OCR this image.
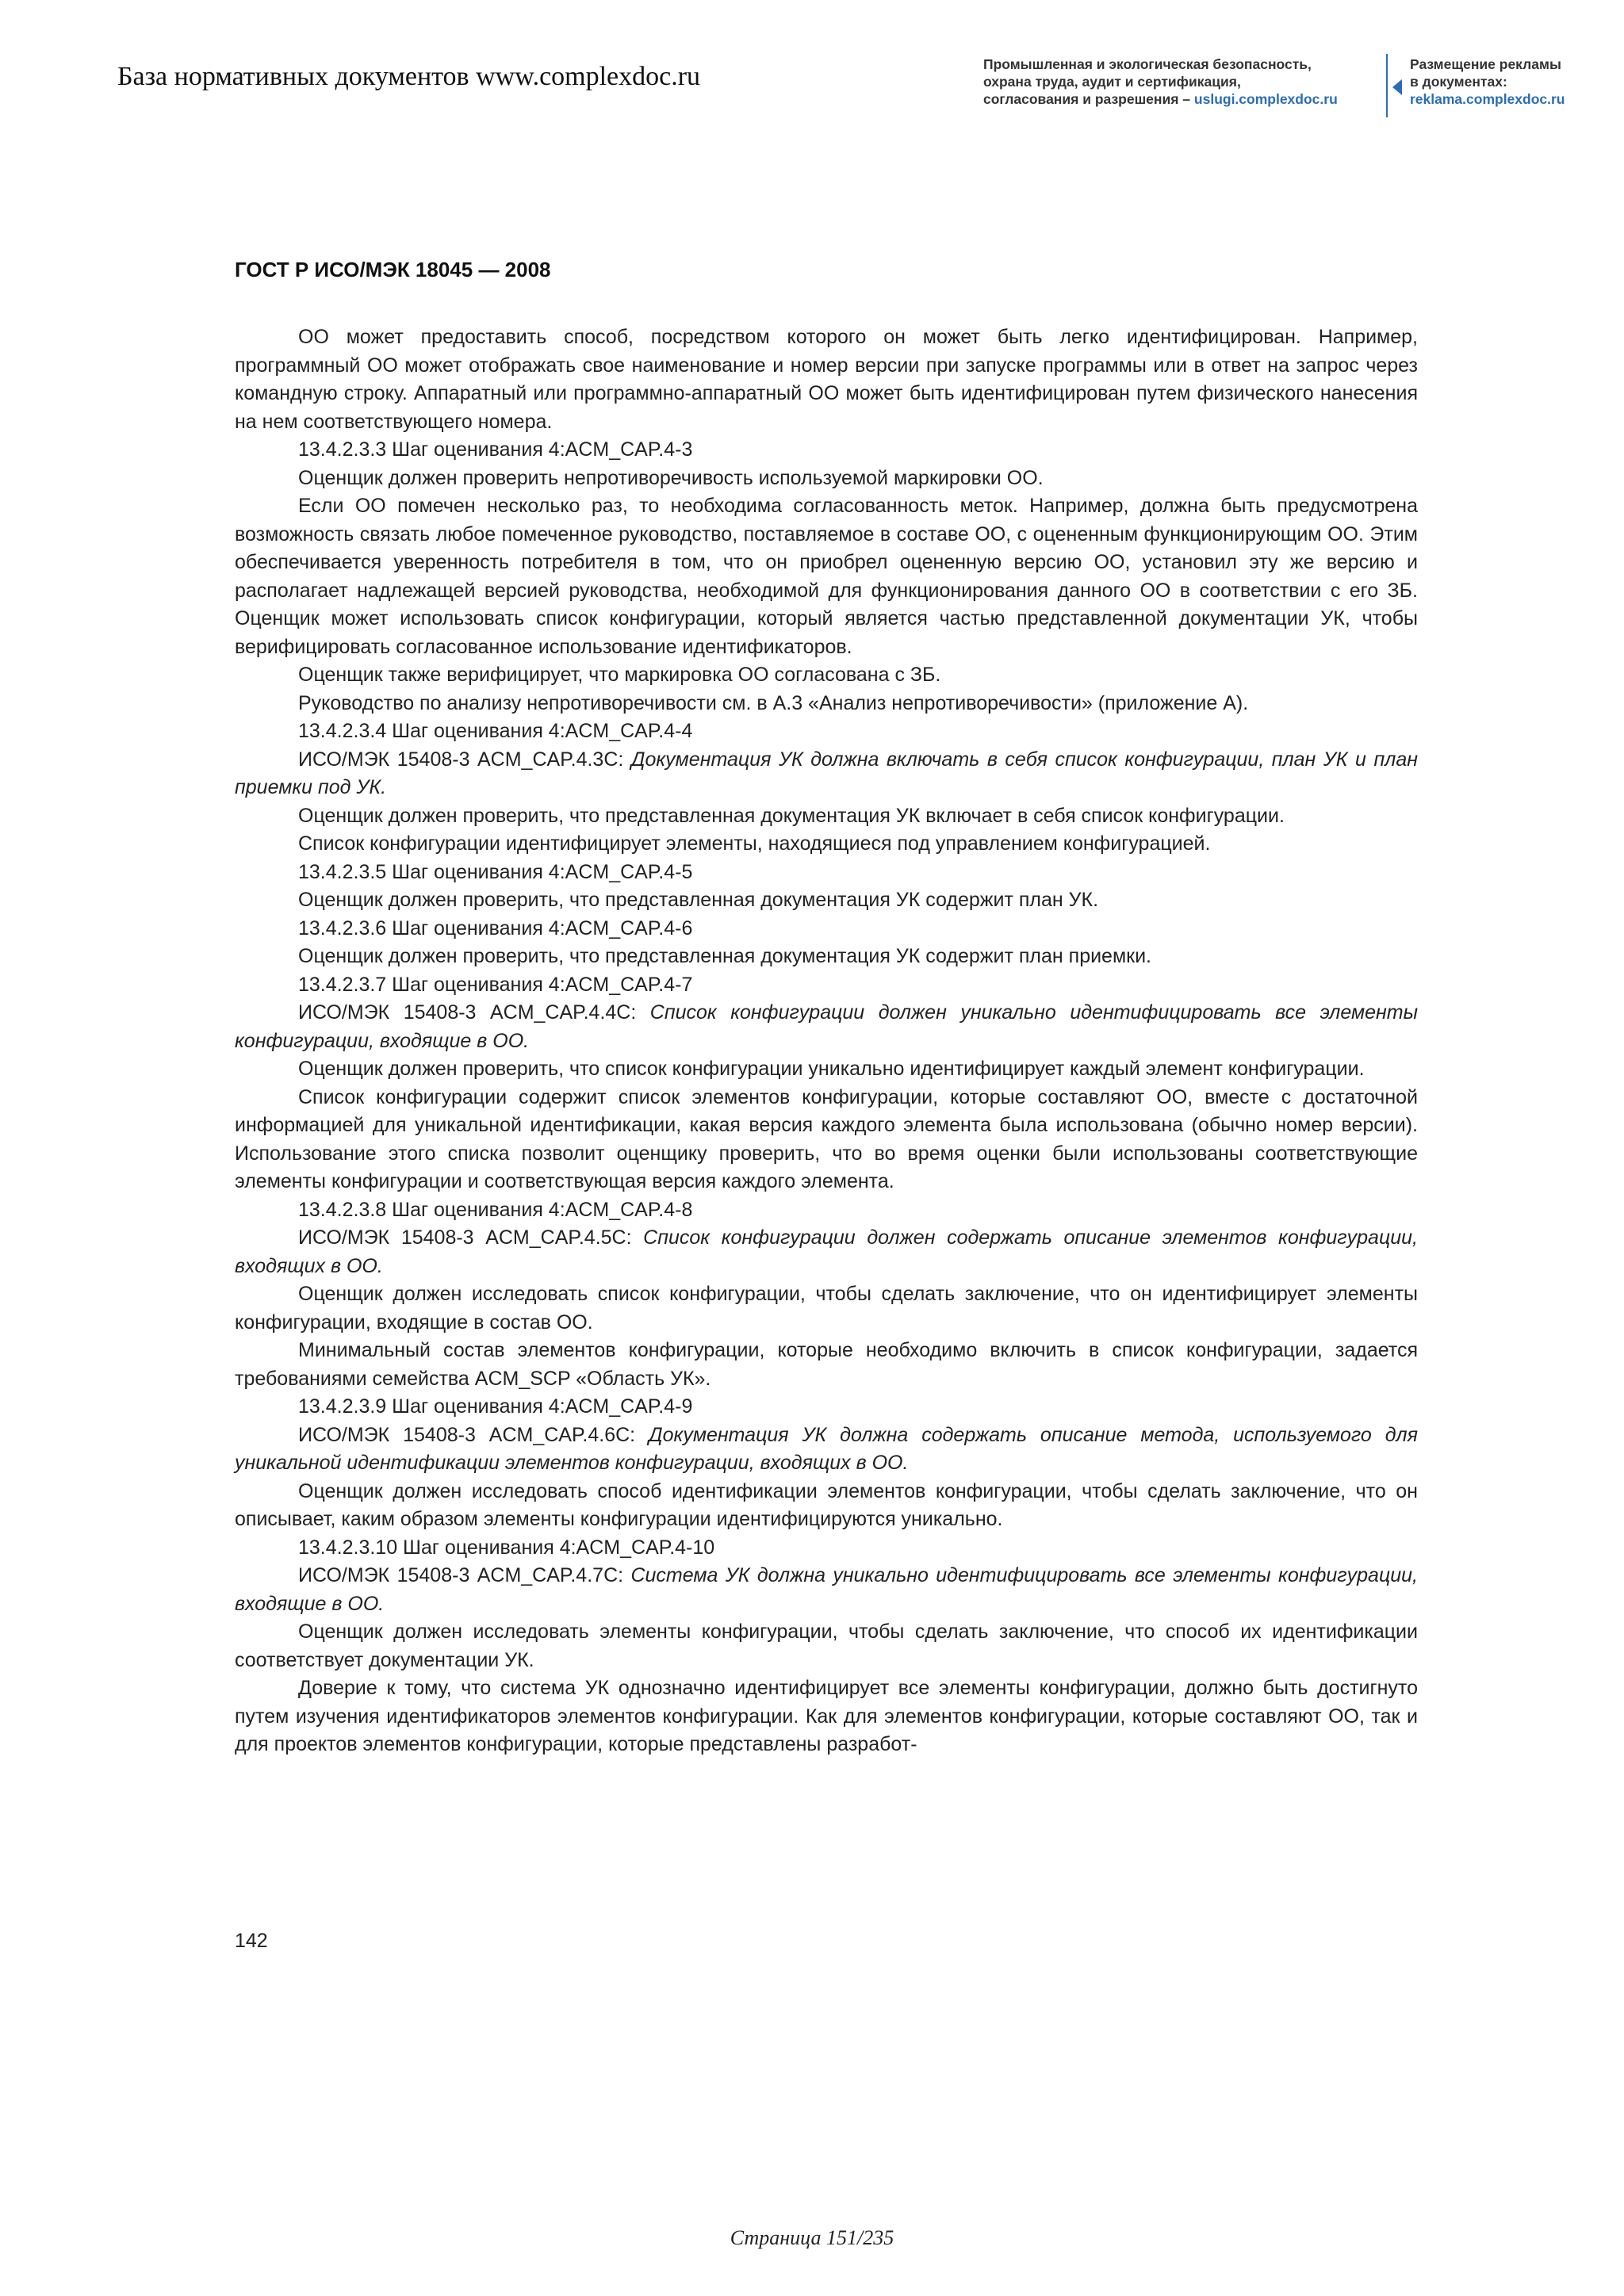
База нормативных документов www.complexdoc.ru	Промышленная и экологическая безопасность,
охрана труда, аудит и сертификация,
согласования и разрешения – uslugi.complexdoc.ru
Размещение рекламы
в документах:
reklama.complexdoc.ru
ГОСТ Р ИСО/МЭК 18045 — 2008

ОО может предоставить способ, посредством которого он может быть легко идентифицирован. Например, программный ОО может отображать свое наименование и номер версии при запуске программы или в ответ на запрос через командную строку. Аппаратный или программно-аппаратный ОО может быть идентифицирован путем физического нанесения на нем соответствующего номера.

13.4.2.3.3 Шаг оценивания 4:ACM_CAP.4-3

Оценщик должен проверить непротиворечивость используемой маркировки ОО.

Если ОО помечен несколько раз, то необходима согласованность меток. Например, должна быть предусмотрена возможность связать любое помеченное руководство, поставляемое в составе ОО, с оцененным функционирующим ОО. Этим обеспечивается уверенность потребителя в том, что он приобрел оцененную версию ОО, установил эту же версию и располагает надлежащей версией руководства, необходимой для функционирования данного ОО в соответствии с его ЗБ. Оценщик может использовать список конфигурации, который является частью представленной документации УК, чтобы верифицировать согласованное использование идентификаторов.

Оценщик также верифицирует, что маркировка ОО согласована с ЗБ.

Руководство по анализу непротиворечивости см. в А.3 «Анализ непротиворечивости» (приложение А).

13.4.2.3.4 Шаг оценивания 4:ACM_CAP.4-4

ИСО/МЭК 15408-3 ACM_CAP.4.3C: Документация УК должна включать в себя список конфигурации, план УК и план приемки под УК.

Оценщик должен проверить, что представленная документация УК включает в себя список конфигурации.

Список конфигурации идентифицирует элементы, находящиеся под управлением конфигурацией.

13.4.2.3.5 Шаг оценивания 4:ACM_CAP.4-5

Оценщик должен проверить, что представленная документация УК содержит план УК.

13.4.2.3.6 Шаг оценивания 4:ACM_CAP.4-6

Оценщик должен проверить, что представленная документация УК содержит план приемки.

13.4.2.3.7 Шаг оценивания 4:ACM_CAP.4-7

ИСО/МЭК 15408-3 ACM_CAP.4.4C: Список конфигурации должен уникально идентифицировать все элементы конфигурации, входящие в ОО.

Оценщик должен проверить, что список конфигурации уникально идентифицирует каждый элемент конфигурации.

Список конфигурации содержит список элементов конфигурации, которые составляют ОО, вместе с достаточной информацией для уникальной идентификации, какая версия каждого элемента была использована (обычно номер версии). Использование этого списка позволит оценщику проверить, что во время оценки были использованы соответствующие элементы конфигурации и соответствующая версия каждого элемента.

13.4.2.3.8 Шаг оценивания 4:ACM_CAP.4-8

ИСО/МЭК 15408-3 ACM_CAP.4.5C: Список конфигурации должен содержать описание элементов конфигурации, входящих в ОО.

Оценщик должен исследовать список конфигурации, чтобы сделать заключение, что он идентифицирует элементы конфигурации, входящие в состав ОО.

Минимальный состав элементов конфигурации, которые необходимо включить в список конфигурации, задается требованиями семейства ACM_SCP «Область УК».

13.4.2.3.9 Шаг оценивания 4:ACM_CAP.4-9

ИСО/МЭК 15408-3 ACM_CAP.4.6C: Документация УК должна содержать описание метода, используемого для уникальной идентификации элементов конфигурации, входящих в ОО.

Оценщик должен исследовать способ идентификации элементов конфигурации, чтобы сделать заключение, что он описывает, каким образом элементы конфигурации идентифицируются уникально.

13.4.2.3.10 Шаг оценивания 4:ACM_CAP.4-10

ИСО/МЭК 15408-3 ACM_CAP.4.7C: Система УК должна уникально идентифицировать все элементы конфигурации, входящие в ОО.

Оценщик должен исследовать элементы конфигурации, чтобы сделать заключение, что способ их идентификации соответствует документации УК.

Доверие к тому, что система УК однозначно идентифицирует все элементы конфигурации, должно быть достигнуто путем изучения идентификаторов элементов конфигурации. Как для элементов конфигурации, которые составляют ОО, так и для проектов элементов конфигурации, которые представлены разработ-

142
Страница 151/235
